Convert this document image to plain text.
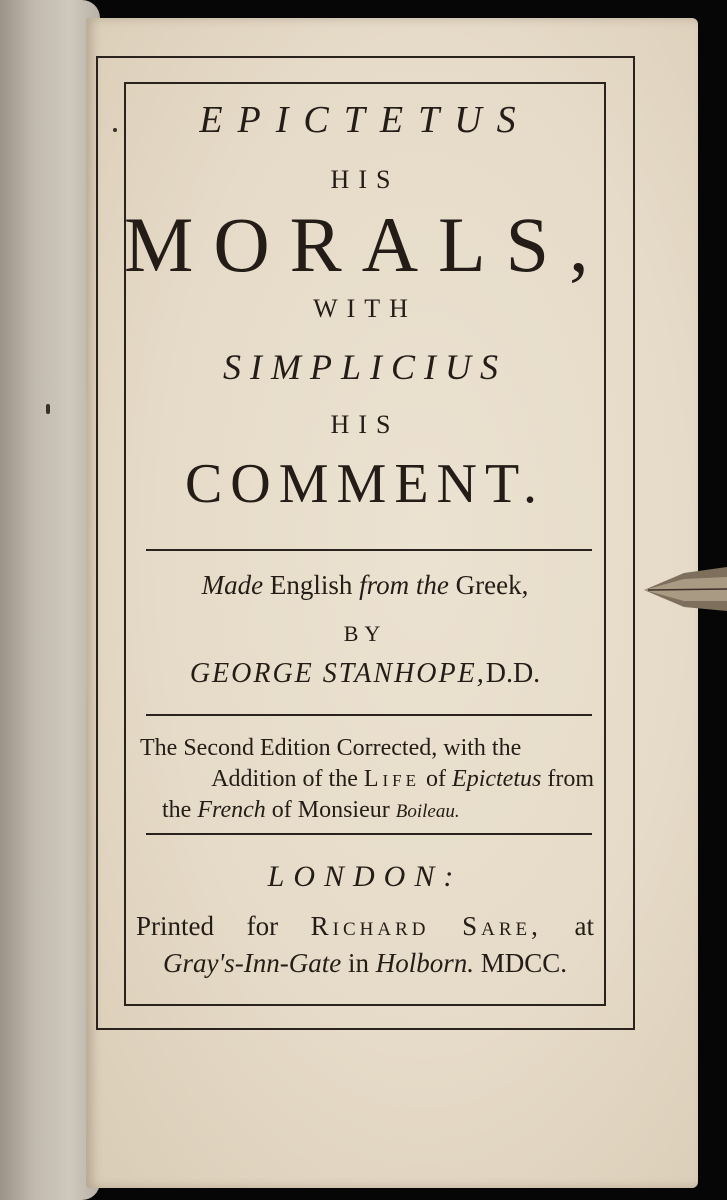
EPICTETUS
HIS
MORALS,
WITH
SIMPLICIUS
HIS
COMMENT.
Made English from the Greek,
BY
GEORGE STANHOPE,D.D.
The Second Edition Corrected, with the
Addition of the Life of Epictetus from
the French of Monsieur Boileau.
LONDON:
Printed for Richard Sare, at
Gray's-Inn-Gate in Holborn. MDCC.
